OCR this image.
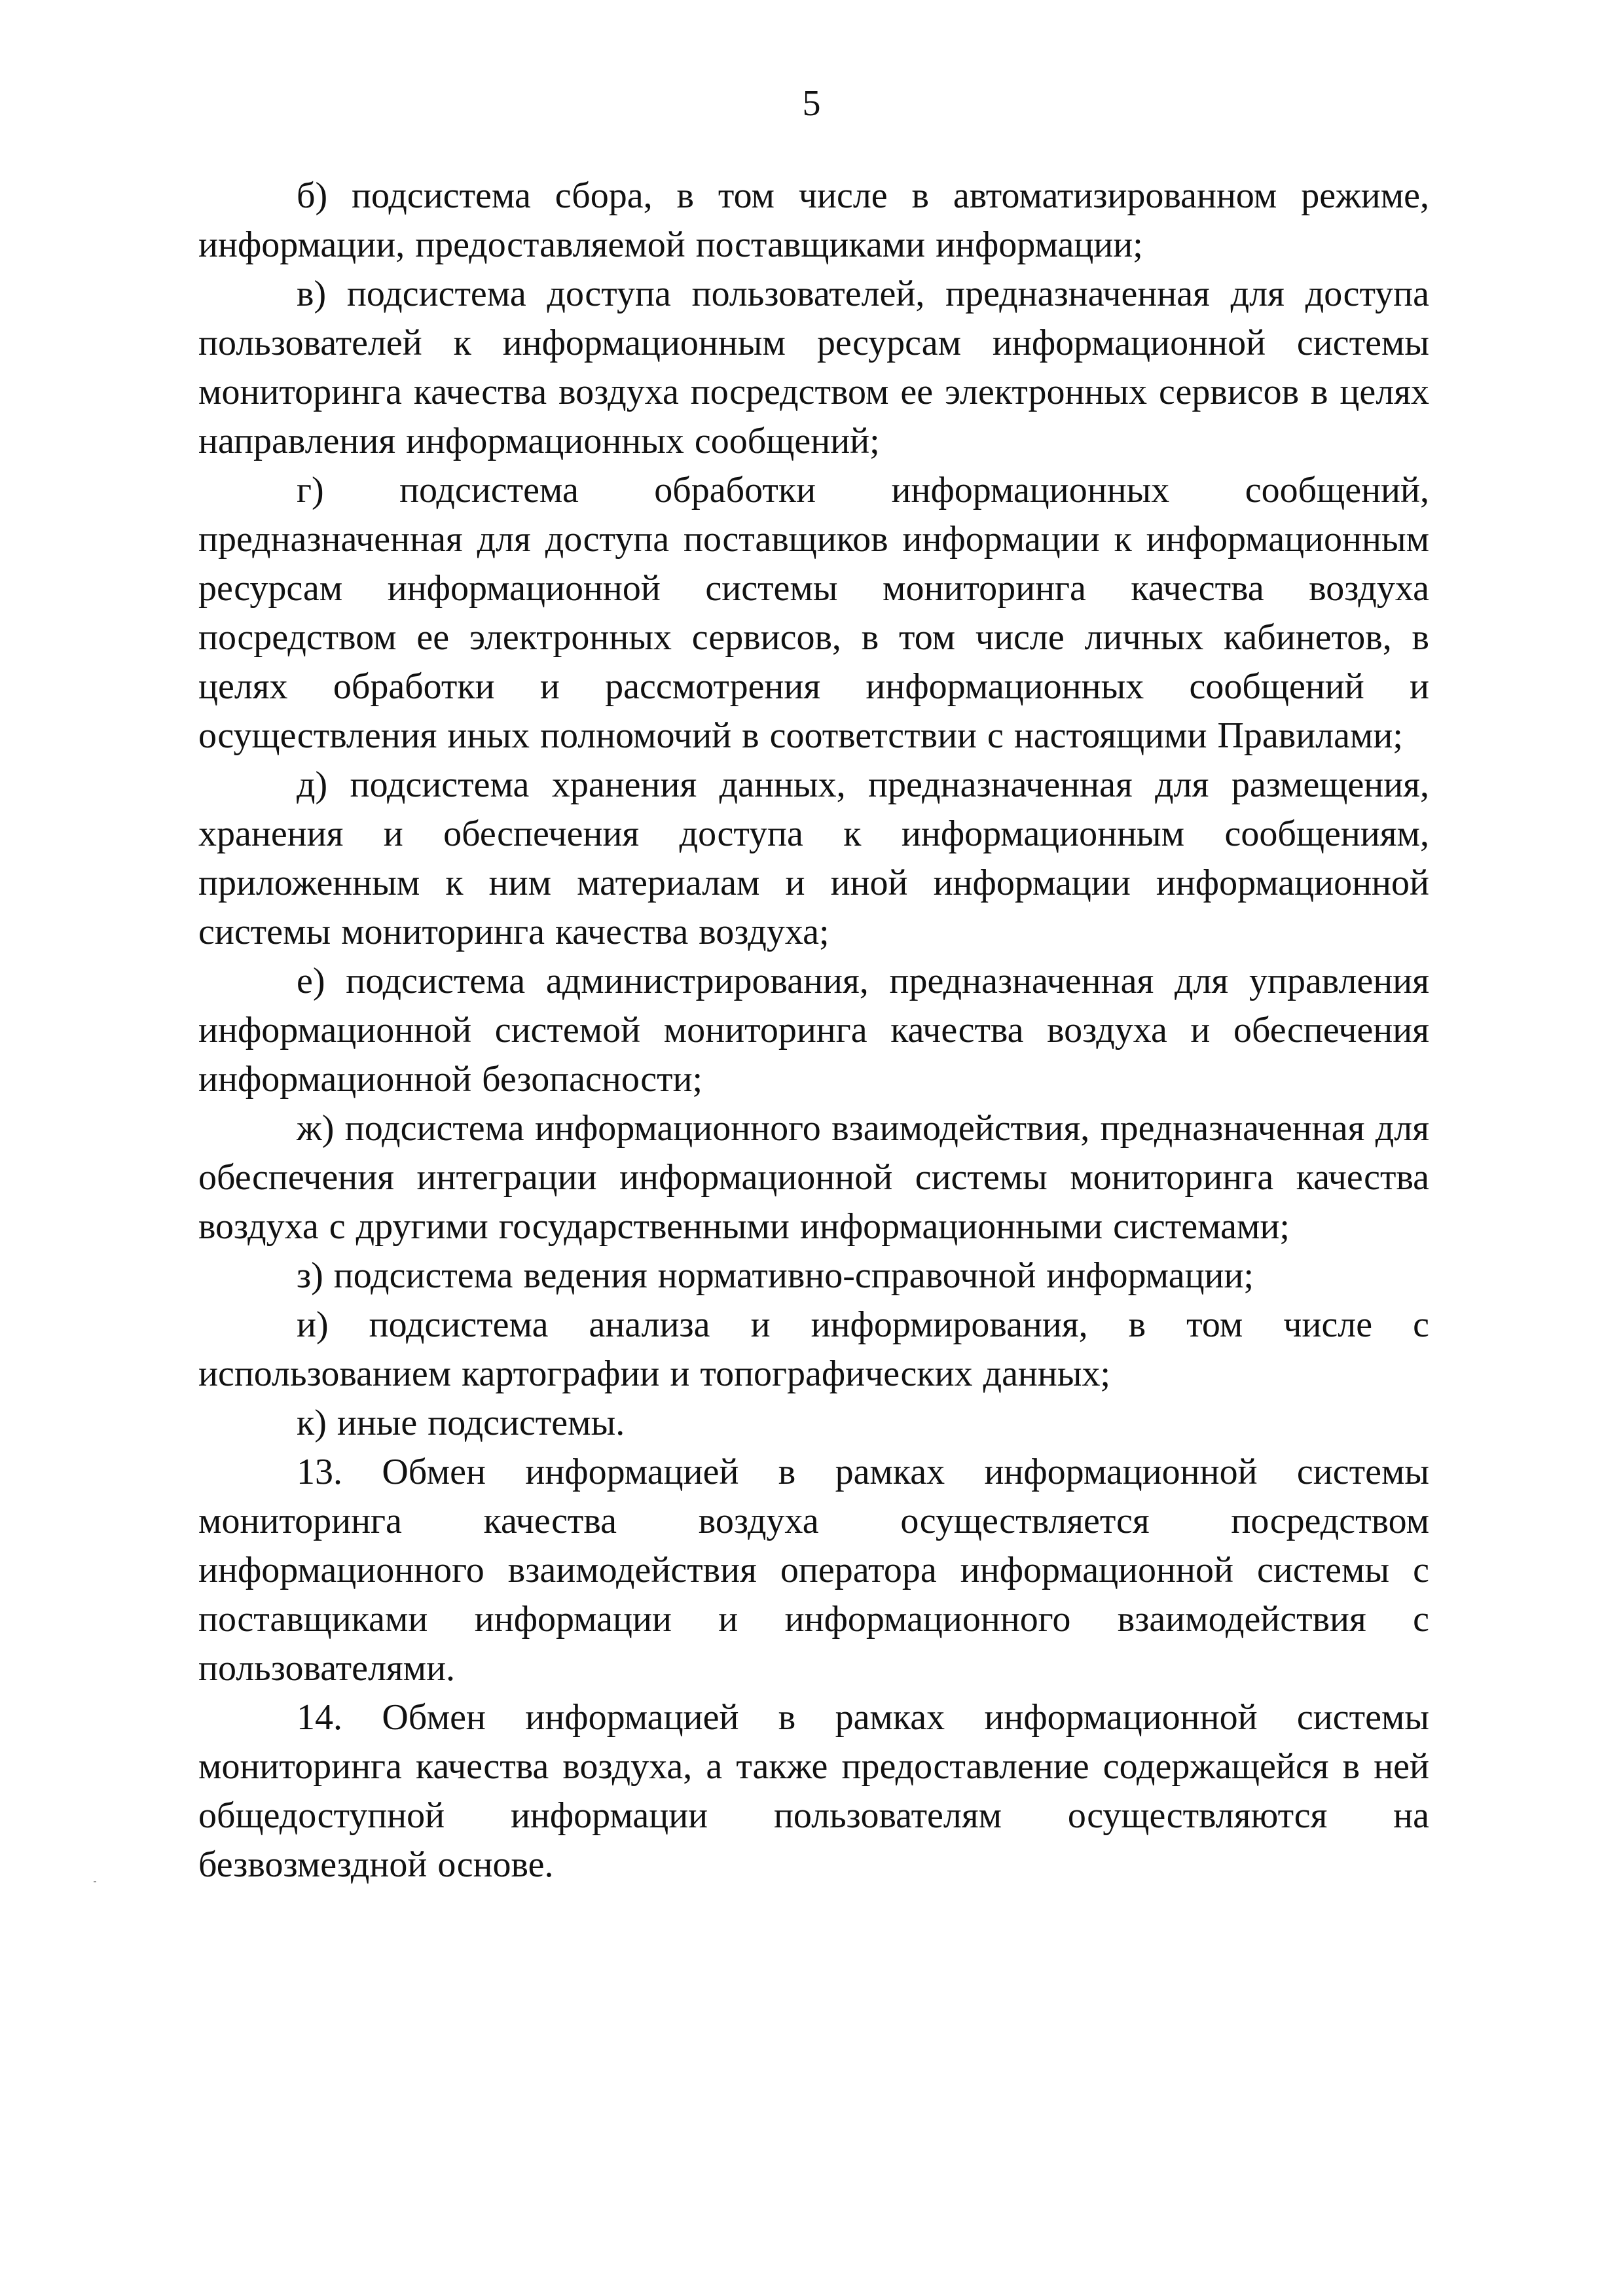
5

б) подсистема сбора, в том числе в автоматизированном режиме, информации, предоставляемой поставщиками информации;

в) подсистема доступа пользователей, предназначенная для доступа пользователей к информационным ресурсам информационной системы мониторинга качества воздуха посредством ее электронных сервисов в целях направления информационных сообщений;

г) подсистема обработки информационных сообщений, предназначенная для доступа поставщиков информации к информационным ресурсам информационной системы мониторинга качества воздуха посредством ее электронных сервисов, в том числе личных кабинетов, в целях обработки и рассмотрения информационных сообщений и осуществления иных полномочий в соответствии с настоящими Правилами;

д) подсистема хранения данных, предназначенная для размещения, хранения и обеспечения доступа к информационным сообщениям, приложенным к ним материалам и иной информации информационной системы мониторинга качества воздуха;

е) подсистема администрирования, предназначенная для управления информационной системой мониторинга качества воздуха и обеспечения информационной безопасности;

ж) подсистема информационного взаимодействия, предназначенная для обеспечения интеграции информационной системы мониторинга качества воздуха с другими государственными информационными системами;

з) подсистема ведения нормативно-справочной информации;

и) подсистема анализа и информирования, в том числе с использованием картографии и топографических данных;

к) иные подсистемы.

13. Обмен информацией в рамках информационной системы мониторинга качества воздуха осуществляется посредством информационного взаимодействия оператора информационной системы с поставщиками информации и информационного взаимодействия с пользователями.

14. Обмен информацией в рамках информационной системы мониторинга качества воздуха, а также предоставление содержащейся в ней общедоступной информации пользователям осуществляются на безвозмездной основе.
